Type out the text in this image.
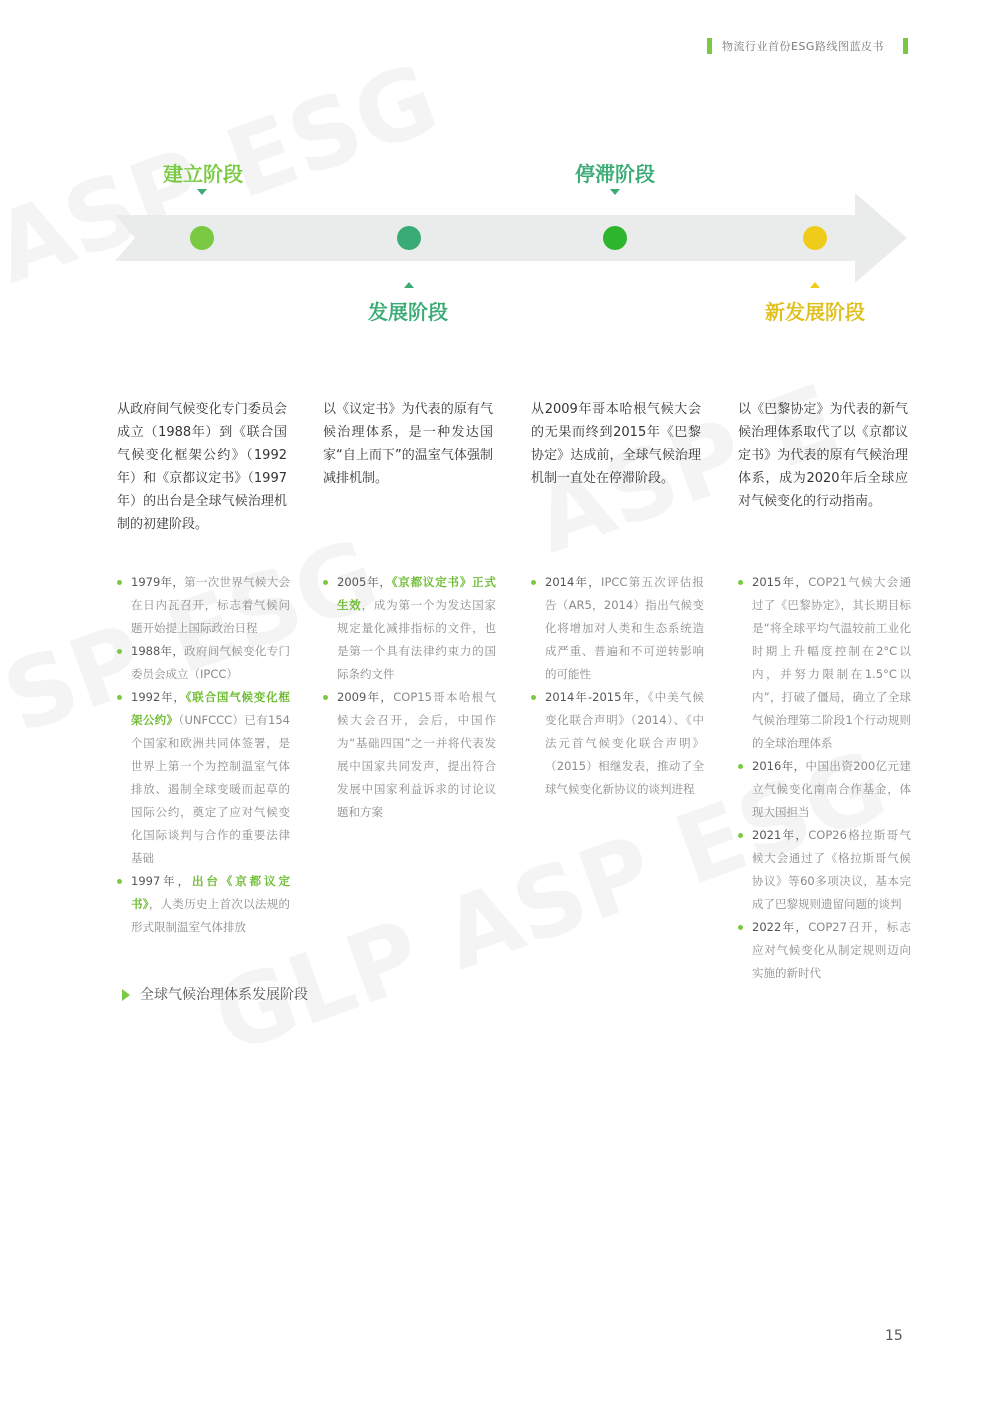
物流行业首份ESG路线图蓝皮书
建立阶段
发展阶段
停滞阶段
新发展阶段
从政府间气候变化专门委员会成立（1988年）到《联合国气候变化框架公约》（1992年）和《京都议定书》（1997年）的出台是全球气候治理机制的初建阶段。
1979年，第一次世界气候大会在日内瓦召开，标志着气候问题开始提上国际政治日程
1988年，政府间气候变化专门委员会成立（IPCC）
1992年，《联合国气候变化框架公约》（UNFCCC）已有154个国家和欧洲共同体签署，是世界上第一个为控制温室气体排放、遏制全球变暖而起草的国际公约，奠定了应对气候变化国际谈判与合作的重要法律基础
1997年，出台《京都议定书》，人类历史上首次以法规的形式限制温室气体排放
以《议定书》为代表的原有气候治理体系，是一种发达国家“自上而下”的温室气体强制减排机制。
2005年，《京都议定书》正式生效，成为第一个为发达国家规定量化减排指标的文件，也是第一个具有法律约束力的国际条约文件
2009年，COP15哥本哈根气候大会召开，会后，中国作为“基础四国”之一并将代表发展中国家共同发声，提出符合发展中国家利益诉求的讨论议题和方案
从2009年哥本哈根气候大会的无果而终到2015年《巴黎协定》达成前，全球气候治理机制一直处在停滞阶段。
2014年，IPCC第五次评估报告（AR5，2014）指出气候变化将增加对人类和生态系统造成严重、普遍和不可逆转影响的可能性
2014年-2015年，《中美气候变化联合声明》（2014）、《中法元首气候变化联合声明》（2015）相继发表，推动了全球气候变化新协议的谈判进程
以《巴黎协定》为代表的新气候治理体系取代了以《京都议定书》为代表的原有气候治理体系，成为2020年后全球应对气候变化的行动指南。
2015年，COP21气候大会通过了《巴黎协定》，其长期目标是“将全球平均气温较前工业化时期上升幅度控制在2°C以内，并努力限制在1.5°C以内”，打破了僵局，确立了全球气候治理第二阶段1个行动规则的全球治理体系
2016年，中国出资200亿元建立气候变化南南合作基金，体现大国担当
2021年，COP26格拉斯哥气候大会通过了《格拉斯哥气候协议》等60多项决议，基本完成了巴黎规则遗留问题的谈判
2022年，COP27召开，标志应对气候变化从制定规则迈向实施的新时代
全球气候治理体系发展阶段
15
